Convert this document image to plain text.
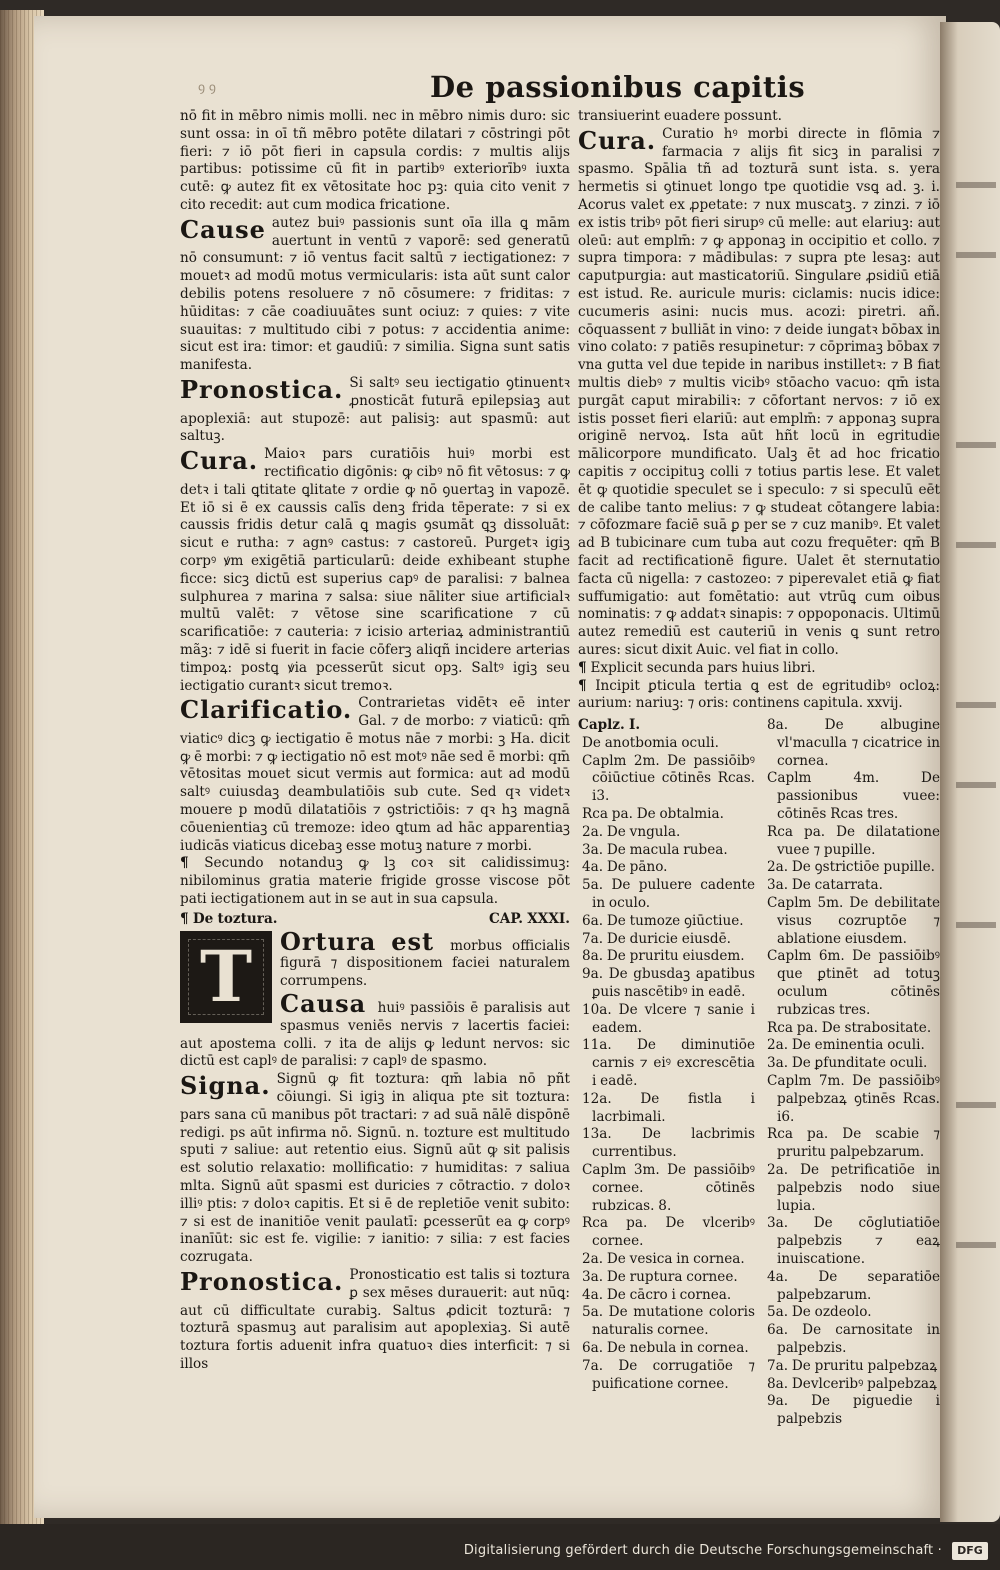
ꝯ ꝯ	De passionibus capitis

nō fit in mēbro nimis molli. nec in mēbro nimis duro: sic sunt ossa: in oī tñ mēbro potēte dilatari ⁊ cōstringi pōt fieri: ⁊ iō pōt fieri in capsula cordis: ⁊ multis alijs partibus: potissime cū fit in partibꝰ exteriorībꝰ iuxta cutē: ꝙ autez fit ex vētositate hoc pꝫ: quia cito venit ⁊ cito recedit: aut cum modica fricatione.

Cause autez buiꝰ passionis sunt oīa illa ꝗ mām auertunt in ventū ⁊ vaporē: sed generatū nō consumunt: ⁊ iō ventus facit saltū ⁊ iectigationez: ⁊ mouetꝛ ad modū motus vermicularis: ista aūt sunt calor debilis potens resoluere ⁊ nō cōsumere: ⁊ friditas: ⁊ hūiditas: ⁊ cāe coadiuuātes sunt ociuz: ⁊ quies: ⁊ vite suauitas: ⁊ multitudo cibi ⁊ potus: ⁊ accidentia anime: sicut est ira: timor: et gaudiū: ⁊ similia. Signa sunt satis manifesta.

Pronostica. Si saltꝰ seu iectigatio ꝯtinuentꝛ ꝓnosticāt futurā epilepsiaꝫ aut apoplexiā: aut stupozē: aut palisiꝫ: aut spasmū: aut saltuꝫ.

Cura. Maioꝛ pars curatiōis huiꝰ morbi est rectificatio digōnis: ꝙ cibꝰ nō fit vētosus: ⁊ ꝙ detꝛ i tali ꝗtitate ꝗlitate ⁊ ordie ꝙ nō ꝯuertaꝫ in vapozē. Et iō si ē ex caussis calīs denꝫ frida tēperate: ⁊ si ex caussis fridis detur calā ꝗ magis ꝯsumāt ꝗꝫ dissoluāt: sicut e rutha: ⁊ agnꝰ castus: ⁊ castoreū. Purgetꝛ igiꝫ corpꝰ ꝟm exigētiā particularū: deide exhibeant stuphe ficce: sicꝫ dictū est superius capꝰ de paralisi: ⁊ balnea sulphurea ⁊ marina ⁊ salsa: siue nāliter siue artificialꝛ multū valēt: ⁊ vētose sine scarificatione ⁊ cū scarificatiōe: ⁊ cauteria: ⁊ icisio arteriaꝝ administrantiū mãꝫ: ⁊ idē si fuerit in facie cōferꝫ aliqñ incidere arterias timpoꝝ: postꝗ ꝟia pcesserūt sicut opꝫ. Saltꝰ igiꝫ seu iectigatio curantꝛ sicut tremoꝛ.

Clarificatio. Contrarietas vidētꝛ eē inter Gal. ⁊ de morbo: ⁊ viaticū: qm̄ viaticꝰ dicꝫ ꝙ iectigatio ē motus nāe ⁊ morbi: ꝫ Ha. dicit ꝙ ē morbi: ⁊ ꝙ iectigatio nō est motꝰ nāe sed ē morbi: qm̄ vētositas mouet sicut vermis aut formica: aut ad modū saltꝰ cuiusdaꝫ deambulatiōis sub cute. Sed qꝛ videtꝛ mouere p modū dilatatiōis ⁊ ꝯstrictiōis: ⁊ qꝛ hꝫ magnā cōuenientiaꝫ cū tremoze: ideo ꝗtum ad hāc apparentiaꝫ iudicās viaticus dicebaꝫ esse motuꝫ nature ⁊ morbi.

¶ Secundo notanduꝫ ꝙ lꝫ coꝛ sit calidissimuꝫ: nibilominus gratia materie frigide grosse viscose pōt pati iectigationem aut in se aut in sua capsula.

¶ De toztura.	CAP. XXXI.
T	Ortura est morbus officialis figurā ⁊ dispositionem faciei naturalem corrumpens.

Causa huiꝰ passiōis ē paralisis aut spasmus veniēs nervis ⁊ lacertis faciei: aut apostema colli. ⁊ ita de alijs ꝙ ledunt nervos: sic dictū est caplꝰ de paralisi: ⁊ caplꝰ de spasmo.

Signa. Signū ꝙ fit toztura: qm̄ labia nō pñt cōiungi. Si igiꝫ in aliqua pte sit toztura: pars sana cū manibus pōt tractari: ⁊ ad suā nālē dispōnē redigi. ps aūt infirma nō. Signū. n. tozture est multitudo sputi ⁊ saliue: aut retentio eius. Signū aūt ꝙ sit palisis est solutio relaxatio: mollificatio: ⁊ humiditas: ⁊ saliua mlta. Signū aūt spasmi est duricies ⁊ cōtractio. ⁊ doloꝛ illiꝰ ptis: ⁊ doloꝛ capitis. Et si ē de repletiōe venit subito: ⁊ si est de inanitiōe venit paulatī: ꝑcesserūt ea ꝙ corpꝰ inanīūt: sic est fe. vigilie: ⁊ ianitio: ⁊ silia: ⁊ est facies cozrugata.

Pronostica. Pronosticatio est talis si toztura ꝑ sex mēses durauerit: aut nūꝗ: aut cū difficultate curabiꝫ. Saltus ꝓdicit tozturā: ⁊ tozturā spasmuꝫ aut paralisim aut apoplexiaꝫ. Si autē toztura fortis aduenit infra quatuoꝛ dies interficit: ⁊ si illos

transiuerint euadere possunt.

Cura. Curatio hꝰ morbi directe in flōmia ⁊ farmacia ⁊ alijs fit sicꝫ in paralisi ⁊ spasmo. Spālia tñ ad tozturā sunt ista. s. yera hermetis si ꝯtinuet longo tpe quotidie vsꝗ ad. ꝫ. i. Acorus valet ex ꝓpetate: ⁊ nux muscatꝫ. ⁊ zinzi. ⁊ iō ex istis tribꝰ pōt fieri sirupꝰ cū melle: aut elariuꝫ: aut oleū: aut emplm̄: ⁊ ꝙ apponaꝫ in occipitio et collo. ⁊ supra timpora: ⁊ mādibulas: ⁊ supra pte lesaꝫ: aut caputpurgia: aut masticatoriū. Singulare ꝓsidiū etiā est istud. Re. auricule muris: ciclamis: nucis idice: cucumeris asini: nucis mus. acozi: piretri. añ. cōquassent ⁊ bulliāt in vino: ⁊ deide iungatꝛ bōbax in vino colato: ⁊ patiēs resupinetur: ⁊ cōprimaꝫ bōbax ⁊ vna gutta vel due tepide in naribus instilletꝛ: ⁊ B fiat multis diebꝰ ⁊ multis vicibꝰ stōacho vacuo: qm̄ ista purgāt caput mirabiliꝛ: ⁊ cōfortant nervos: ⁊ iō ex istis posset fieri elariū: aut emplm̄: ⁊ apponaꝫ supra originē nervoꝝ. Ista aūt hñt locū in egritudie mālicorpore mundificato. Ualꝫ ēt ad hoc fricatio capitis ⁊ occipituꝫ colli ⁊ totius partis lese. Et valet ēt ꝙ quotidie speculet se i speculo: ⁊ si speculū eēt de calibe tanto melius: ⁊ ꝙ studeat cōtangere labia: ⁊ cōfozmare faciē suā ꝑ per se ⁊ cuz manibꝰ. Et valet ad B tubicinare cum tuba aut cozu frequēter: qm̄ B facit ad rectificationē figure. Ualet ēt sternutatio facta cū nigella: ⁊ castozeo: ⁊ piperevalet etiā ꝙ fiat suffumigatio: aut fomētatio: aut vtrūꝗ cum oibus nominatis: ⁊ ꝙ addatꝛ sinapis: ⁊ oppoponacis. Ultimū autez remediū est cauteriū in venis ꝗ sunt retro aures: sicut dixit Auic. vel fiat in collo.

¶ Explicit secunda pars huius libri.

¶ Incipit ꝑticula tertia ꝗ est de egritudibꝰ ocloꝝ: aurium: nariuꝫ: ⁊ oris: continens capitula. xxvij.

Caplz. I.
De anotbomia oculi.
Caplm 2m. De passiōibꝰ cōiūctiue cōtinēs Rcas. i3.
Rca pa. De obtalmia.
2a. De vngula.
3a. De macula rubea.
4a. De pāno.
5a. De puluere cadente in oculo.
6a. De tumoze ꝯiūctiue.
7a. De duricie eiusdē.
8a. De pruritu eiusdem.
9a. De gbusdaꝫ apatibus ꝑuis nascētibꝰ in eadē.
10a. De vlcere ⁊ sanie i eadem.
11a. De diminutiōe carnis ⁊ eiꝰ excrescētia i eadē.
12a. De fistla i lacrbimali.
13a. De lacbrimis currentibus.
Caplm 3m. De passiōibꝰ cornee. cōtinēs rubzicas. 8.
Rca pa. De vlceribꝰ cornee.
2a. De vesica in cornea.
3a. De ruptura cornee.
4a. De cācro i cornea.
5a. De mutatione coloris naturalis cornee.
6a. De nebula in cornea.
7a. De corrugatiōe ⁊ puificatione cornee.
8a. De albugine vl'maculla ⁊ cicatrice in cornea.
Caplm 4m. De passionibus vuee: cōtinēs Rcas tres.
Rca pa. De dilatatione vuee ⁊ pupille.
2a. De ꝯstrictiōe pupille.
3a. De catarrata.
Caplm 5m. De debilitate visus cozruptōe ⁊ ablatione eiusdem.
Caplm 6m. De passiōibꝰ que ꝑtinēt ad totuꝫ oculum cōtinēs rubzicas tres.
Rca pa. De strabositate.
2a. De eminentia oculi.
3a. De ꝑfunditate oculi.
Caplm 7m. De passiōibꝰ palpebzaꝝ ꝯtinēs Rcas. i6.
Rca pa. De scabie ⁊ pruritu palpebzarum.
2a. De petrificatiōe in palpebzis nodo siue lupia.
3a. De cōglutiatiōe palpebzis ⁊ eaꝝ inuiscatione.
4a. De separatiōe palpebzarum.
5a. De ozdeolo.
6a. De carnositate in palpebzis.
7a. De pruritu palpebzaꝝ
8a. Devlceribꝰ palpebzaꝝ
9a. De piguedie i palpebzis
Digitalisierung gefördert durch die Deutsche Forschungsgemeinschaft ·	DFG
